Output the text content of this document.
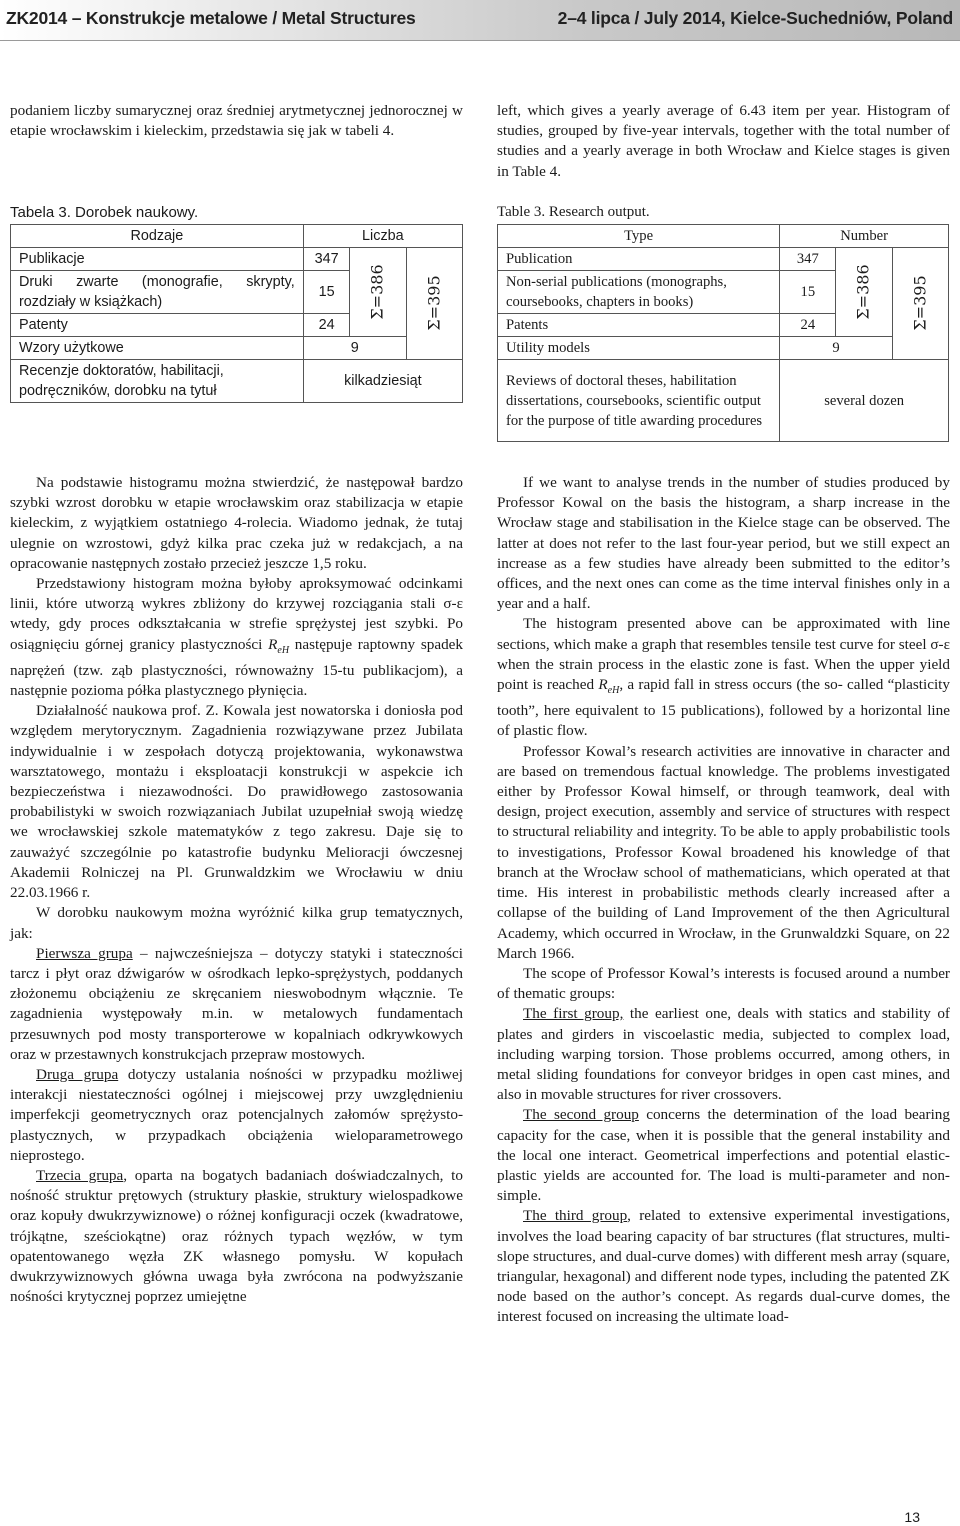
ZK2014 – Konstrukcje metalowe / Metal Structures	2–4 lipca / July 2014, Kielce-Suchedniów, Poland

podaniem liczby sumarycznej oraz średniej arytmetycznej jednorocznej w etapie wrocławskim i kieleckim, przedstawia się jak w tabeli 4.

left, which gives a yearly average of 6.43 item per year. Histogram of studies, grouped by five-year intervals, together with the total number of studies and a yearly average in both Wrocław and Kielce stages is given in Table 4.

Tabela 3. Dorobek naukowy.	Table 3. Research output.
Rodzaje	Liczba		
Publikacje	347	Σ=386	Σ=395
Druki zwarte (monografie, skrypty, rozdziały w książkach)	15		
Patenty	24		
Wzory użytkowe	9		
Recenzje doktoratów, habilitacji, podręczników, dorobku na tytuł	kilkadziesiąt		
Type	Number		
Publication	347	Σ=386	Σ=395
Non-serial publications (monographs, coursebooks, chapters in books)	15		
Patents	24		
Utility models	9		
Reviews of doctoral theses, habilitation dissertations, coursebooks, scientific output for the purpose of title awarding procedures	several dozen		

Na podstawie histogramu można stwierdzić, że następował bardzo szybki wzrost dorobku w etapie wrocławskim oraz stabilizacja w etapie kieleckim, z wyjątkiem ostatniego 4-rolecia. Wiadomo jednak, że tutaj ulegnie on wzrostowi, gdyż kilka prac czeka już w redakcjach, a na opracowanie następnych zostało przecież jeszcze 1,5 roku.

Przedstawiony histogram można byłoby aproksymować odcinkami linii, które utworzą wykres zbliżony do krzywej rozciągania stali σ-ε wtedy, gdy proces odkształcania w strefie sprężystej jest szybki. Po osiągnięciu górnej granicy plastyczności $R_{eH}$ następuje raptowny spadek naprężeń (tzw. ząb plastyczności, równoważny 15-tu publikacjom), a następnie pozioma półka plastycznego płynięcia.

Działalność naukowa prof. Z. Kowala jest nowatorska i doniosła pod względem merytorycznym. Zagadnienia rozwiązywane przez Jubilata indywidualnie i w zespołach dotyczą projektowania, wykonawstwa warsztatowego, montażu i eksploatacji konstrukcji w aspekcie ich bezpieczeństwa i niezawodności. Do prawidłowego zastosowania probabilistyki w swoich rozwiązaniach Jubilat uzupełniał swoją wiedzę we wrocławskiej szkole matematyków z tego zakresu. Daje się to zauważyć szczególnie po katastrofie budynku Melioracji ówczesnej Akademii Rolniczej na Pl. Grunwaldzkim we Wrocławiu w dniu 22.03.1966 r.

W dorobku naukowym można wyróżnić kilka grup tematycznych, jak:

Pierwsza grupa – najwcześniejsza – dotyczy statyki i stateczności tarcz i płyt oraz dźwigarów w ośrodkach lepko-sprężystych, poddanych złożonemu obciążeniu ze skręcaniem nieswobodnym włącznie. Te zagadnienia występowały m.in. w metalowych fundamentach przesuwnych pod mosty transporterowe w kopalniach odkrywkowych oraz w przestawnych konstrukcjach przepraw mostowych.

Druga grupa dotyczy ustalania nośności w przypadku możliwej interakcji niestateczności ogólnej i miejscowej przy uwzględnieniu imperfekcji geometrycznych oraz potencjalnych załomów sprężysto-plastycznych, w przypadkach obciążenia wieloparametrowego nieprostego.

Trzecia grupa, oparta na bogatych badaniach doświadczalnych, to nośność struktur prętowych (struktury płaskie, struktury wielospadkowe oraz kopuły dwukrzywiznowe) o różnej konfiguracji oczek (kwadratowe, trójkątne, sześciokątne) oraz różnych typach węzłów, w tym opatentowanego węzła ZK własnego pomysłu. W kopułach dwukrzywiznowych główna uwaga była zwrócona na podwyższanie nośności krytycznej poprzez umiejętne

If we want to analyse trends in the number of studies produced by Professor Kowal on the basis the histogram, a sharp increase in the Wrocław stage and stabilisation in the Kielce stage can be observed. The latter at does not refer to the last four-year period, but we still expect an increase as a few studies have already been submitted to the editor’s offices, and the next ones can come as the time interval finishes only in a year and a half.

The histogram presented above can be approximated with line sections, which make a graph that resembles tensile test curve for steel σ-ε when the strain process in the elastic zone is fast. When the upper yield point is reached $R_{eH}$, a rapid fall in stress occurs (the so- called “plasticity tooth”, here equivalent to 15 publications), followed by a horizontal line of plastic flow.

Professor Kowal’s research activities are innovative in character and are based on tremendous factual knowledge. The problems investigated either by Professor Kowal himself, or through teamwork, deal with design, project execution, assembly and service of structures with respect to structural reliability and integrity. To be able to apply probabilistic tools to investigations, Professor Kowal broadened his knowledge of that branch at the Wrocław school of mathematicians, which operated at that time. His interest in probabilistic methods clearly increased after a collapse of the building of Land Improvement of the then Agricultural Academy, which occurred in Wrocław, in the Grunwaldzki Square, on 22 March 1966.

The scope of Professor Kowal’s interests is focused around a number of thematic groups:

The first group, the earliest one, deals with statics and stability of plates and girders in viscoelastic media, subjected to complex load, including warping torsion. Those problems occurred, among others, in metal sliding foundations for conveyor bridges in open cast mines, and also in movable structures for river crossovers.

The second group concerns the determination of the load bearing capacity for the case, when it is possible that the general instability and the local one interact. Geometrical imperfections and potential elastic-plastic yields are accounted for. The load is multi-parameter and non-simple.

The third group, related to extensive experimental investigations, involves the load bearing capacity of bar structures (flat structures, multi-slope structures, and dual-curve domes) with different mesh array (square, triangular, hexagonal) and different node types, including the patented ZK node based on the author’s concept. As regards dual-curve domes, the interest focused on increasing the ultimate load-

13
